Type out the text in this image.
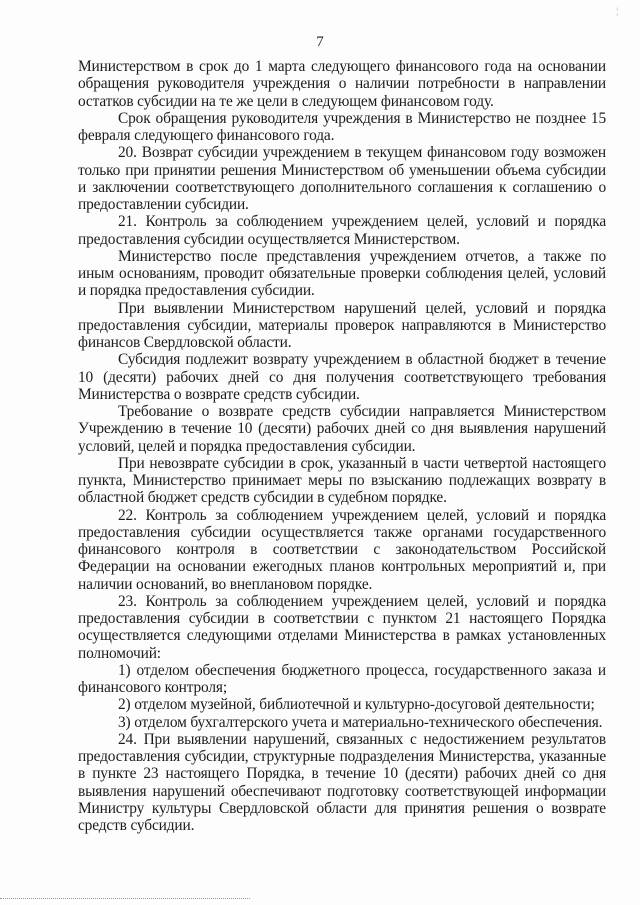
¦
7

Министерством в срок до 1 марта следующего финансового года на основании обращения руководителя учреждения о наличии потребности в направлении остатков субсидии на те же цели в следующем финансовом году.

Срок обращения руководителя учреждения в Министерство не позднее 15 февраля следующего финансового года.

20. Возврат субсидии учреждением в текущем финансовом году возможен только при принятии решения Министерством об уменьшении объема субсидии и заключении соответствующего дополнительного соглашения к соглашению о предоставлении субсидии.

21. Контроль за соблюдением учреждением целей, условий и порядка предоставления субсидии осуществляется Министерством.

Министерство после представления учреждением отчетов, а также по иным основаниям, проводит обязательные проверки соблюдения целей, условий и порядка предоставления субсидии.

При выявлении Министерством нарушений целей, условий и порядка предоставления субсидии, материалы проверок направляются в Министерство финансов Свердловской области.

Субсидия подлежит возврату учреждением в областной бюджет в течение 10 (десяти) рабочих дней со дня получения соответствующего требования Министерства о возврате средств субсидии.

Требование о возврате средств субсидии направляется Министерством Учреждению в течение 10 (десяти) рабочих дней со дня выявления нарушений условий, целей и порядка предоставления субсидии.

При невозврате субсидии в срок, указанный в части четвертой настоящего пункта, Министерство принимает меры по взысканию подлежащих возврату в областной бюджет средств субсидии в судебном порядке.

22. Контроль за соблюдением учреждением целей, условий и порядка предоставления субсидии осуществляется также органами государственного финансового контроля в соответствии с законодательством Российской Федерации на основании ежегодных планов контрольных мероприятий и, при наличии оснований, во внеплановом порядке.

23. Контроль за соблюдением учреждением целей, условий и порядка предоставления субсидии в соответствии с пунктом 21 настоящего Порядка осуществляется следующими отделами Министерства в рамках установленных полномочий:

1) отделом обеспечения бюджетного процесса, государственного заказа и финансового контроля;

2) отделом музейной, библиотечной и культурно-досуговой деятельности;

3) отделом бухгалтерского учета и материально-технического обеспечения.

24. При выявлении нарушений, связанных с недостижением результатов предоставления субсидии, структурные подразделения Министерства, указанные в пункте 23 настоящего Порядка, в течение 10 (десяти) рабочих дней со дня выявления нарушений обеспечивают подготовку соответствующей информации Министру культуры Свердловской области для принятия решения о возврате средств субсидии.
